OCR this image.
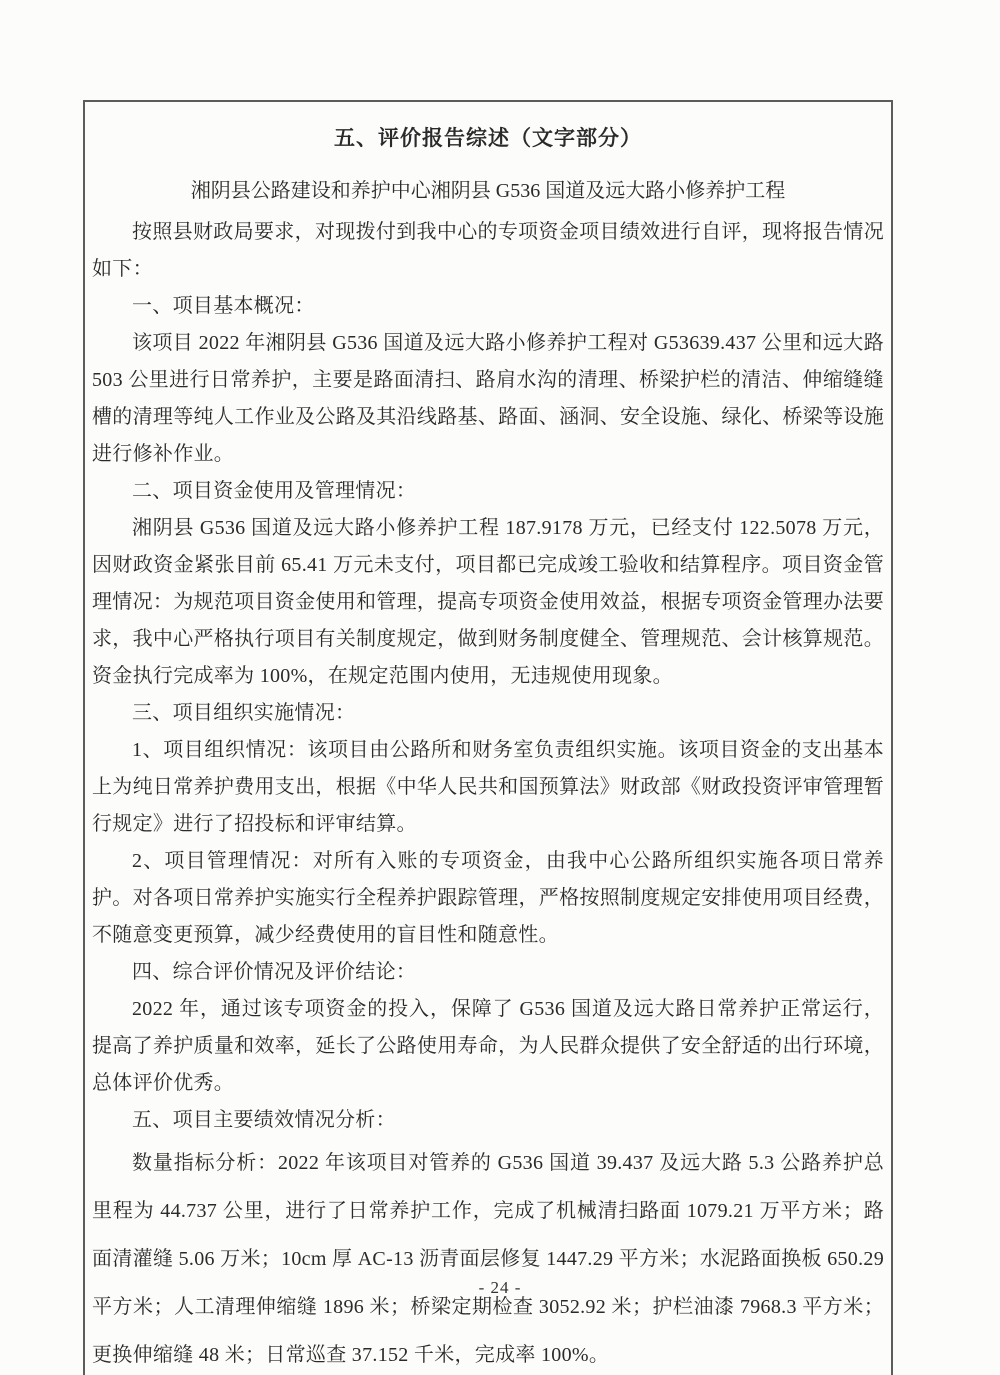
五、评价报告综述（文字部分）
湘阴县公路建设和养护中心湘阴县 G536 国道及远大路小修养护工程

按照县财政局要求，对现拨付到我中心的专项资金项目绩效进行自评，现将报告情况如下：

一、项目基本概况：

该项目 2022 年湘阴县 G536 国道及远大路小修养护工程对 G53639.437 公里和远大路 503 公里进行日常养护，主要是路面清扫、路肩水沟的清理、桥梁护栏的清洁、伸缩缝缝槽的清理等纯人工作业及公路及其沿线路基、路面、涵洞、安全设施、绿化、桥梁等设施进行修补作业。

二、项目资金使用及管理情况：

湘阴县 G536 国道及远大路小修养护工程 187.9178 万元，已经支付 122.5078 万元，因财政资金紧张目前 65.41 万元未支付，项目都已完成竣工验收和结算程序。项目资金管理情况：为规范项目资金使用和管理，提高专项资金使用效益，根据专项资金管理办法要求，我中心严格执行项目有关制度规定，做到财务制度健全、管理规范、会计核算规范。资金执行完成率为 100%，在规定范围内使用，无违规使用现象。

三、项目组织实施情况：

1、项目组织情况：该项目由公路所和财务室负责组织实施。该项目资金的支出基本上为纯日常养护费用支出，根据《中华人民共和国预算法》财政部《财政投资评审管理暂行规定》进行了招投标和评审结算。

2、项目管理情况：对所有入账的专项资金，由我中心公路所组织实施各项日常养护。对各项日常养护实施实行全程养护跟踪管理，严格按照制度规定安排使用项目经费，不随意变更预算，减少经费使用的盲目性和随意性。

四、综合评价情况及评价结论：

2022 年，通过该专项资金的投入，保障了 G536 国道及远大路日常养护正常运行，提高了养护质量和效率，延长了公路使用寿命，为人民群众提供了安全舒适的出行环境，总体评价优秀。

五、项目主要绩效情况分析：

数量指标分析：2022 年该项目对管养的 G536 国道 39.437 及远大路 5.3 公路养护总里程为 44.737 公里，进行了日常养护工作，完成了机械清扫路面 1079.21 万平方米；路面清灌缝 5.06 万米；10cm 厚 AC-13 沥青面层修复 1447.29 平方米；水泥路面换板 650.29 平方米；人工清理伸缩缝 1896 米；桥梁定期检查 3052.92 米；护栏油漆 7968.3 平方米；更换伸缩缝 48 米；日常巡查 37.152 千米，完成率 100%。

- 24 -
